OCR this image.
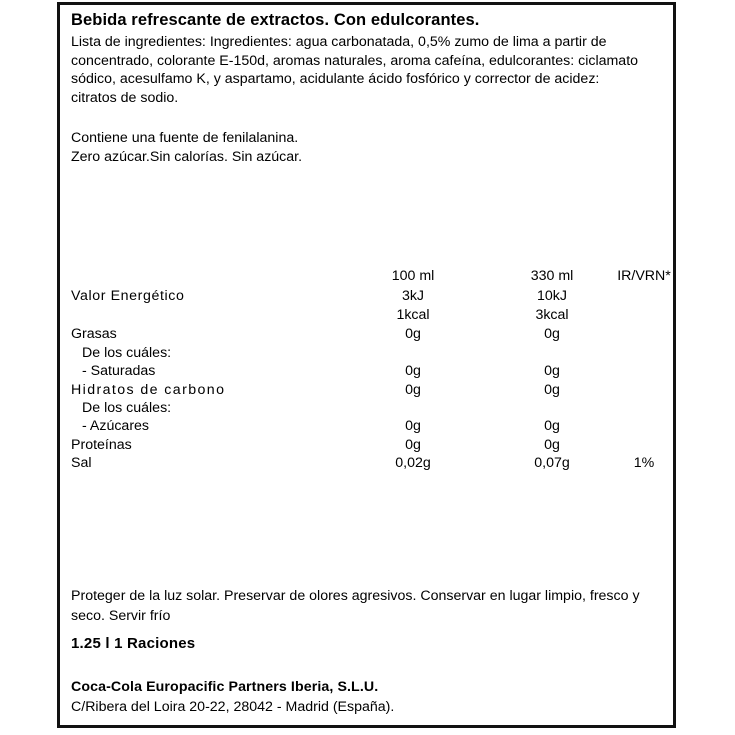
Bebida refrescante de extractos. Con edulcorantes.

Lista de ingredientes: Ingredientes: agua carbonatada, 0,5% zumo de lima a partir de concentrado, colorante E-150d, aromas naturales, aroma cafeína, edulcorantes: ciclamato sódico, acesulfamo K, y aspartamo, acidulante ácido fosfórico y corrector de acidez: citratos de sodio.

Contiene una fuente de fenilalanina.
Zero azúcar.Sin calorías. Sin azúcar.
	100 ml	330 ml	IR/VRN*
Valor Energético	3kJ	10kJ	
	1kcal	3kcal	
Grasas	0g	0g	
De los cuáles:			
- Saturadas	0g	0g	
Hidratos de carbono	0g	0g	
De los cuáles:			
- Azúcares	0g	0g	
Proteínas	0g	0g	
Sal	0,02g	0,07g	1%

Proteger de la luz solar. Preservar de olores agresivos. Conservar en lugar limpio, fresco y seco. Servir frío

1.25 l 1 Raciones
Coca-Cola Europacific Partners Iberia, S.L.U.
C/Ribera del Loira 20-22, 28042 - Madrid (España).
